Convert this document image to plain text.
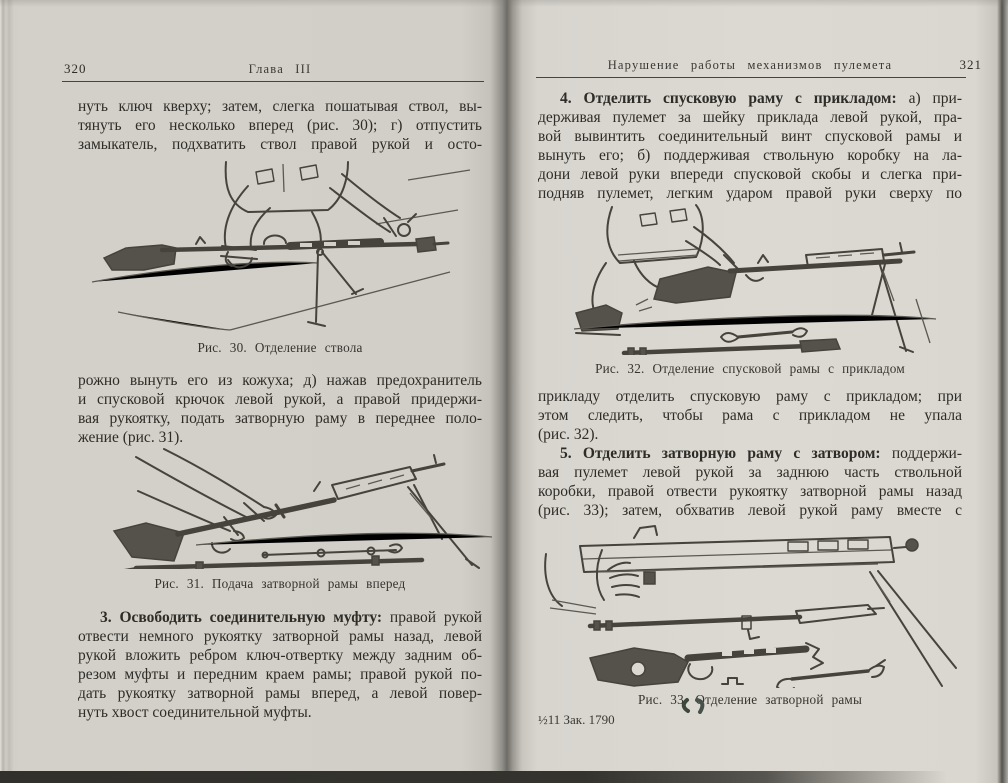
320	Глава III
нуть ключ кверху; затем, слегка пошатывая ствол, вы-
тянуть его несколько вперед (рис. 30); г) отпустить
замыкатель, подхватить ствол правой рукой и осто-
Рис. 30. Отделение ствола
рожно вынуть его из кожуха; д) нажав предохранитель
и спусковой крючок левой рукой, а правой придержи-
вая рукоятку, подать затворную раму в переднее поло-
жение (рис. 31).
Рис. 31. Подача затворной рамы вперед
3. Освободить соединительную муфту: правой рукой
отвести немного рукоятку затворной рамы назад, левой
рукой вложить ребром ключ-отвертку между задним об-
резом муфты и передним краем рамы; правой рукой по-
дать рукоятку затворной рамы вперед, а левой повер-
нуть хвост соединительной муфты.
Нарушение работы механизмов пулемета	321
4. Отделить спусковую раму с прикладом: а) при-
держивая пулемет за шейку приклада левой рукой, пра-
вой вывинтить соединительный винт спусковой рамы и
вынуть его; б) поддерживая ствольную коробку на ла-
дони левой руки впереди спусковой скобы и слегка при-
подняв пулемет, легким ударом правой руки сверху по
Рис. 32. Отделение спусковой рамы с прикладом
прикладу отделить спусковую раму с прикладом; при
этом следить, чтобы рама с прикладом не упала
(рис. 32).
5. Отделить затворную раму с затвором: поддержи-
вая пулемет левой рукой за заднюю часть ствольной
коробки, правой отвести рукоятку затворной рамы назад
(рис. 33); затем, обхватив левой рукой раму вместе с
Рис. 33. Отделение затворной рамы
½11 Зак. 1790
